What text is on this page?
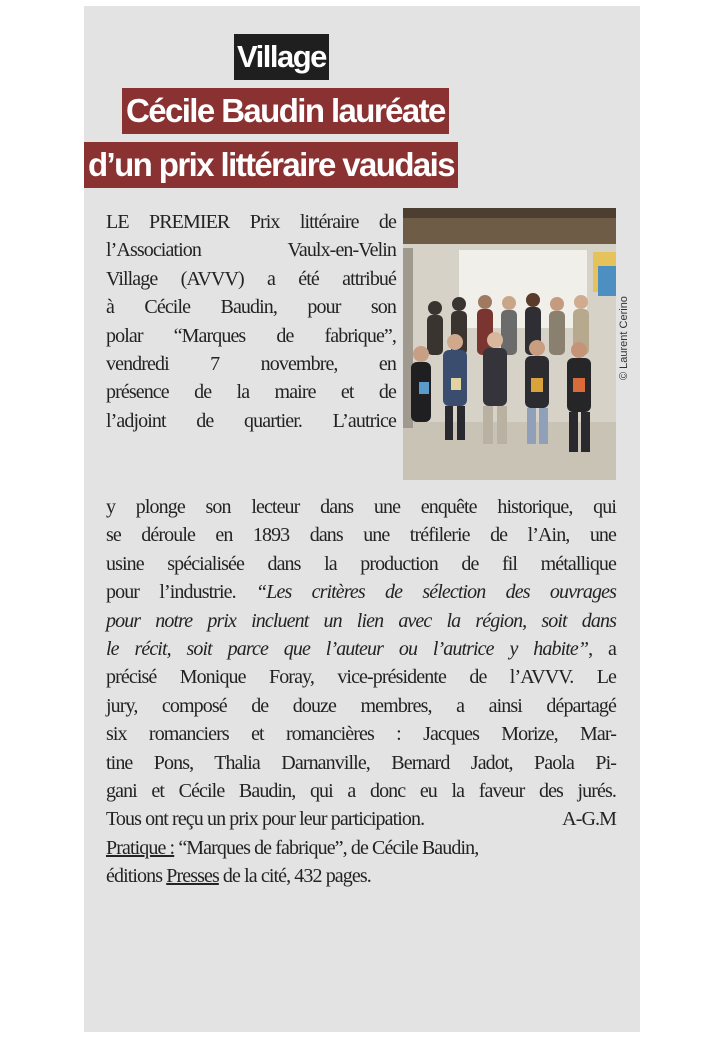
Village
Cécile Baudin lauréate
d’un prix littéraire vaudais
© Laurent Cerino
LE PREMIER Prix littéraire de
l’Association Vaulx-en-Velin
Village (AVVV) a été attribué
à Cécile Baudin, pour son
polar “Marques de fabrique”,
vendredi 7 novembre, en
présence de la maire et de
l’adjoint de quartier. L’autrice
y plonge son lecteur dans une enquête historique, qui
se déroule en 1893 dans une tréfilerie de l’Ain, une
usine spécialisée dans la production de fil métallique
pour l’industrie. “Les critères de sélection des ouvrages
pour notre prix incluent un lien avec la région, soit dans
le récit, soit parce que l’auteur ou l’autrice y habite”, a
précisé Monique Foray, vice-présidente de l’AVVV. Le
jury, composé de douze membres, a ainsi départagé
six romanciers et romancières : Jacques Morize, Mar-
tine Pons, Thalia Darnanville, Bernard Jadot, Paola Pi-
gani et Cécile Baudin, qui a donc eu la faveur des jurés.
Tous ont reçu un prix pour leur participation.	A-G.M
Pratique : “Marques de fabrique”, de Cécile Baudin,
éditions Presses de la cité, 432 pages.
